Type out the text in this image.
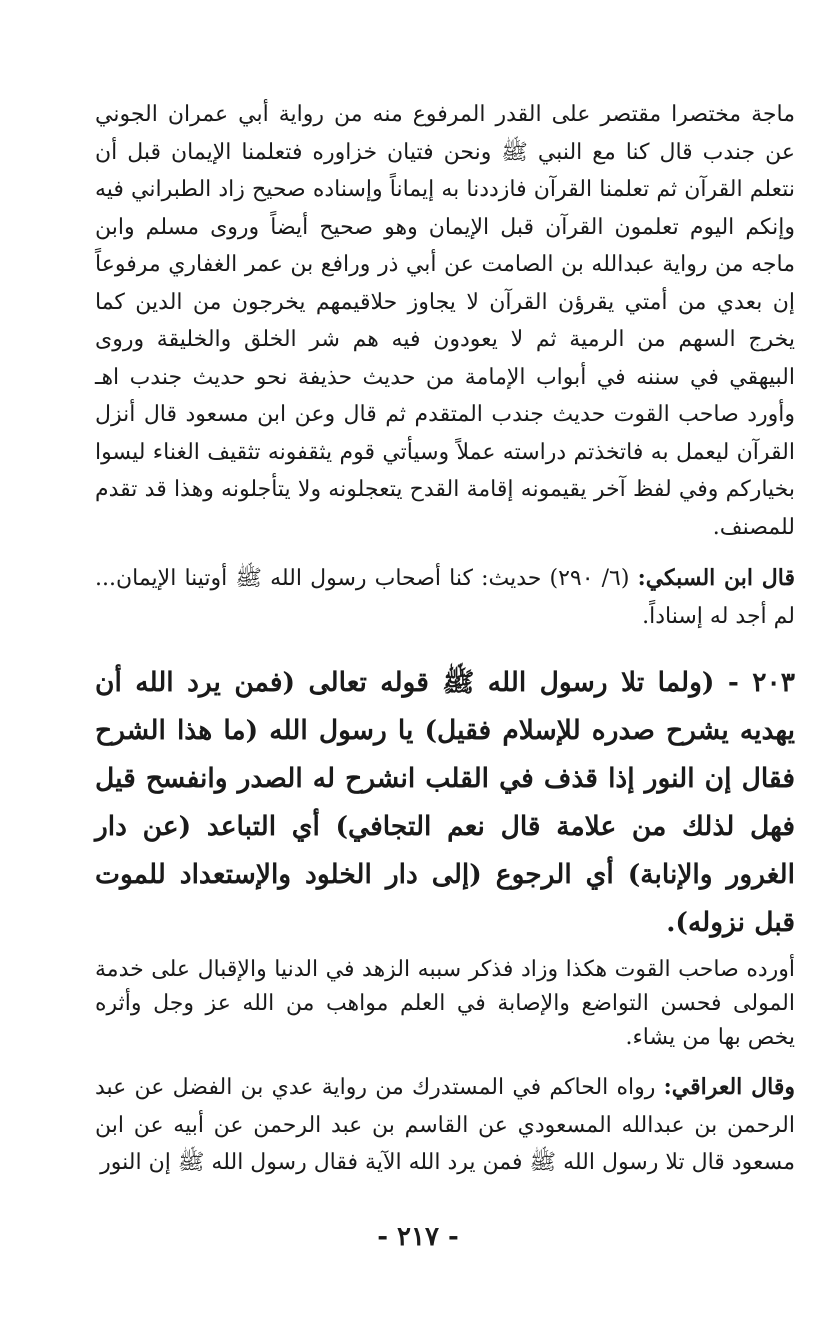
ماجة مختصرا مقتصر على القدر المرفوع منه من رواية أبي عمران الجوني عن جندب قال كنا مع النبي ﷺ ونحن فتيان خزاوره فتعلمنا الإيمان قبل أن نتعلم القرآن ثم تعلمنا القرآن فازددنا به إيماناً وإسناده صحيح زاد الطبراني فيه وإنكم اليوم تعلمون القرآن قبل الإيمان وهو صحيح أيضاً وروى مسلم وابن ماجه من رواية عبدالله بن الصامت عن أبي ذر ورافع بن عمر الغفاري مرفوعاً إن بعدي من أمتي يقرؤن القرآن لا يجاوز حلاقيمهم يخرجون من الدين كما يخرج السهم من الرمية ثم لا يعودون فيه هم شر الخلق والخليقة وروى البيهقي في سننه في أبواب الإمامة من حديث حذيفة نحو حديث جندب اهـ وأورد صاحب القوت حديث جندب المتقدم ثم قال وعن ابن مسعود قال أنزل القرآن ليعمل به فاتخذتم دراسته عملاً وسيأتي قوم يثقفونه تثقيف الغناء ليسوا بخياركم وفي لفظ آخر يقيمونه إقامة القدح يتعجلونه ولا يتأجلونه وهذا قد تقدم للمصنف.

قال ابن السبكي: (٦/ ٢٩٠) حديث: كنا أصحاب رسول الله ﷺ أوتينا الإيمان... لم أجد له إسناداً.

٢٠٣ - (ولما تلا رسول الله ﷺ قوله تعالى (فمن يرد الله أن يهديه يشرح صدره للإسلام فقيل) يا رسول الله (ما هذا الشرح فقال إن النور إذا قذف في القلب انشرح له الصدر وانفسح قيل فهل لذلك من علامة قال نعم التجافي) أي التباعد (عن دار الغرور والإنابة) أي الرجوع (إلى دار الخلود والإستعداد للموت قبل نزوله).

أورده صاحب القوت هكذا وزاد فذكر سببه الزهد في الدنيا والإقبال على خدمة المولى فحسن التواضع والإصابة في العلم مواهب من الله عز وجل وأثره يخص بها من يشاء.

وقال العراقي: رواه الحاكم في المستدرك من رواية عدي بن الفضل عن عبد الرحمن بن عبدالله المسعودي عن القاسم بن عبد الرحمن عن أبيه عن ابن مسعود قال تلا رسول الله ﷺ فمن يرد الله الآية فقال رسول الله ﷺ إن النور

- ٢١٧ -
